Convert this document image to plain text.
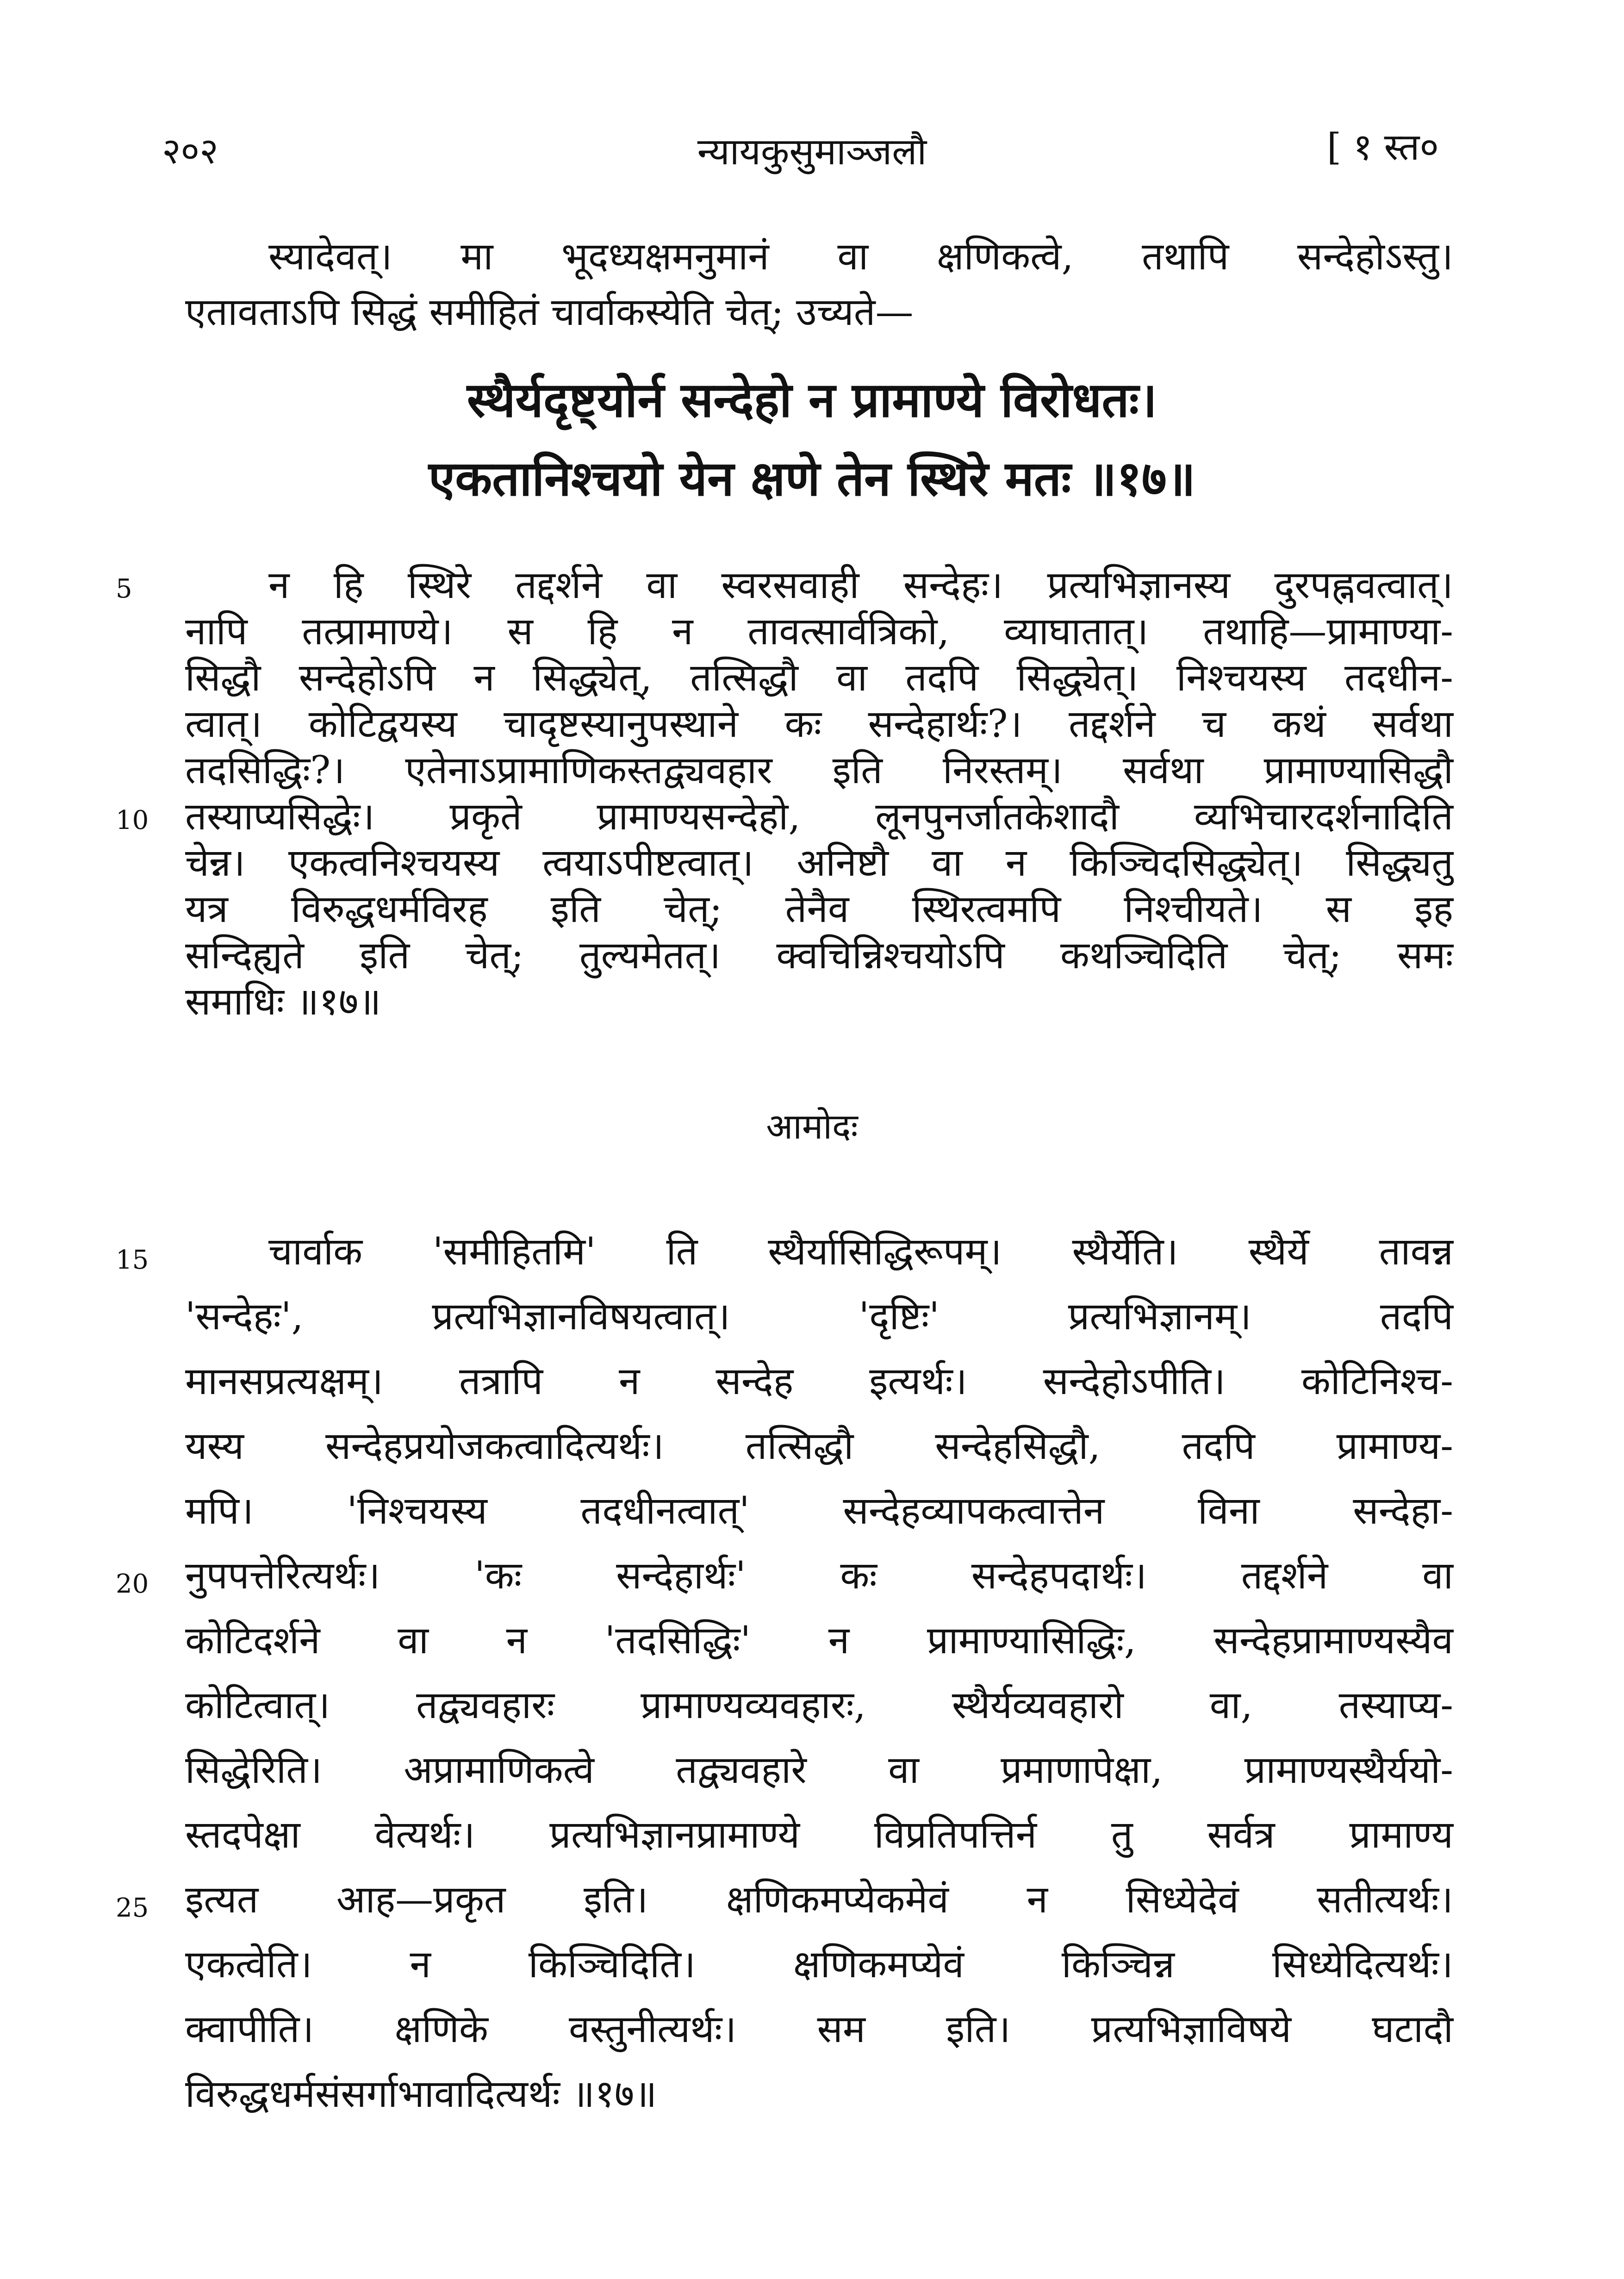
२०२	न्यायकुसुमाञ्जलौ	[ १ स्त०
स्यादेवत्। मा भूदध्यक्षमनुमानं वा क्षणिकत्वे, तथापि सन्देहोऽस्तु।
एतावताऽपि सिद्धं समीहितं चार्वाकस्येति चेत्; उच्यते—
स्थैर्यदृष्ट्योर्न सन्देहो न प्रामाण्ये विरोधतः।
एकतानिश्चयो येन क्षणे तेन स्थिरे मतः ॥१७॥
न हि स्थिरे तद्दर्शने वा स्वरसवाही सन्देहः। प्रत्यभिज्ञानस्य दुरपह्नवत्वात्।
नापि तत्प्रामाण्ये। स हि न तावत्सार्वत्रिको, व्याघातात्। तथाहि—प्रामाण्या-
सिद्धौ सन्देहोऽपि न सिद्ध्येत्, तत्सिद्धौ वा तदपि सिद्ध्येत्। निश्चयस्य तदधीन-
त्वात्। कोटिद्वयस्य चादृष्टस्यानुपस्थाने कः सन्देहार्थः?। तद्दर्शने च कथं सर्वथा
तदसिद्धिः?। एतेनाऽप्रामाणिकस्तद्व्यवहार इति निरस्तम्। सर्वथा प्रामाण्यासिद्धौ
तस्याप्यसिद्धेः। प्रकृते प्रामाण्यसन्देहो, लूनपुनर्जातकेशादौ व्यभिचारदर्शनादिति
चेन्न। एकत्वनिश्चयस्य त्वयाऽपीष्टत्वात्। अनिष्टौ वा न किञ्चिदसिद्ध्येत्। सिद्ध्यतु
यत्र विरुद्धधर्मविरह इति चेत्; तेनैव स्थिरत्वमपि निश्चीयते। स इह
सन्दिह्यते इति चेत्; तुल्यमेतत्। क्वचिन्निश्चयोऽपि कथञ्चिदिति चेत्; समः
समाधिः ॥१७॥
आमोदः
चार्वाक 'समीहितमि' ति स्थैर्यासिद्धिरूपम्। स्थैर्येति। स्थैर्ये तावन्न
'सन्देहः', प्रत्यभिज्ञानविषयत्वात्। 'दृष्टिः' प्रत्यभिज्ञानम्। तदपि
मानसप्रत्यक्षम्। तत्रापि न सन्देह इत्यर्थः। सन्देहोऽपीति। कोटिनिश्च-
यस्य सन्देहप्रयोजकत्वादित्यर्थः। तत्सिद्धौ सन्देहसिद्धौ, तदपि प्रामाण्य-
मपि। 'निश्चयस्य तदधीनत्वात्' सन्देहव्यापकत्वात्तेन विना सन्देहा-
नुपपत्तेरित्यर्थः। 'कः सन्देहार्थः' कः सन्देहपदार्थः। तद्दर्शने वा
कोटिदर्शने वा न 'तदसिद्धिः' न प्रामाण्यासिद्धिः, सन्देहप्रामाण्यस्यैव
कोटित्वात्। तद्व्यवहारः प्रामाण्यव्यवहारः, स्थैर्यव्यवहारो वा, तस्याप्य-
सिद्धेरिति। अप्रामाणिकत्वे तद्व्यवहारे वा प्रमाणापेक्षा, प्रामाण्यस्थैर्ययो-
स्तदपेक्षा वेत्यर्थः। प्रत्यभिज्ञानप्रामाण्ये विप्रतिपत्तिर्न तु सर्वत्र प्रामाण्य
इत्यत आह—प्रकृत इति। क्षणिकमप्येकमेवं न सिध्येदेवं सतीत्यर्थः।
एकत्वेति। न किञ्चिदिति। क्षणिकमप्येवं किञ्चिन्न सिध्येदित्यर्थः।
क्वापीति। क्षणिके वस्तुनीत्यर्थः। सम इति। प्रत्यभिज्ञाविषये घटादौ
विरुद्धधर्मसंसर्गाभावादित्यर्थः ॥१७॥
5
10
15
20
25
